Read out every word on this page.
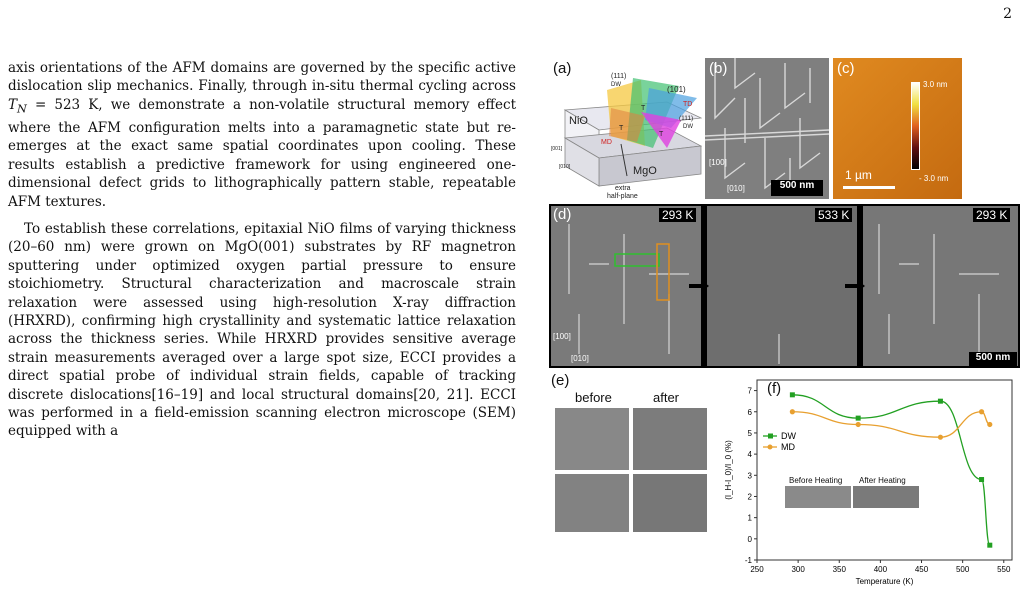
2

axis orientations of the AFM domains are governed by the specific active dislocation slip mechanics. Finally, through in-situ thermal cycling across $T_N = 523$ K, we demonstrate a non-volatile structural memory effect where the AFM configuration melts into a paramagnetic state but re-emerges at the exact same spatial coordinates upon cooling. These results establish a predictive framework for using engineered one-dimensional defect grids to lithographically pattern stable, repeatable AFM textures.

To establish these correlations, epitaxial NiO films of varying thickness (20–60 nm) were grown on MgO(001) substrates by RF magnetron sputtering under optimized oxygen partial pressure to ensure stoichiometry. Structural characterization and macroscale strain relaxation were assessed using high-resolution X-ray diffraction (HRXRD), confirming high crystallinity and systematic lattice relaxation across the thickness series. While HRXRD provides sensitive average strain measurements averaged over a large spot size, ECCI provides a direct spatial probe of individual strain fields, capable of tracking discrete dislocations[16–19] and local structural domains[20, 21]. ECCI was performed in a field-emission scanning electron microscope (SEM) equipped with a

(a)
NiO
MgO
(111)
DW	(101)
TD
(111)
DW
MD
T
T
T
[001]
[010]
extra
half-plane
(b)
[100]
[010]	500 nm
(c)
3.0 nm
- 3.0 nm
1 µm
(d)	293 K	533 K	293 K
[100]
[010]	500 nm
(e)
before	after
250	300	350	400	450	500	550
-1
0
1
2
3
4
5
6
7
Temperature (K)
(I_H-I_0)/I_0 (%)
DW
MD
(f)
Before Heating After Heating
